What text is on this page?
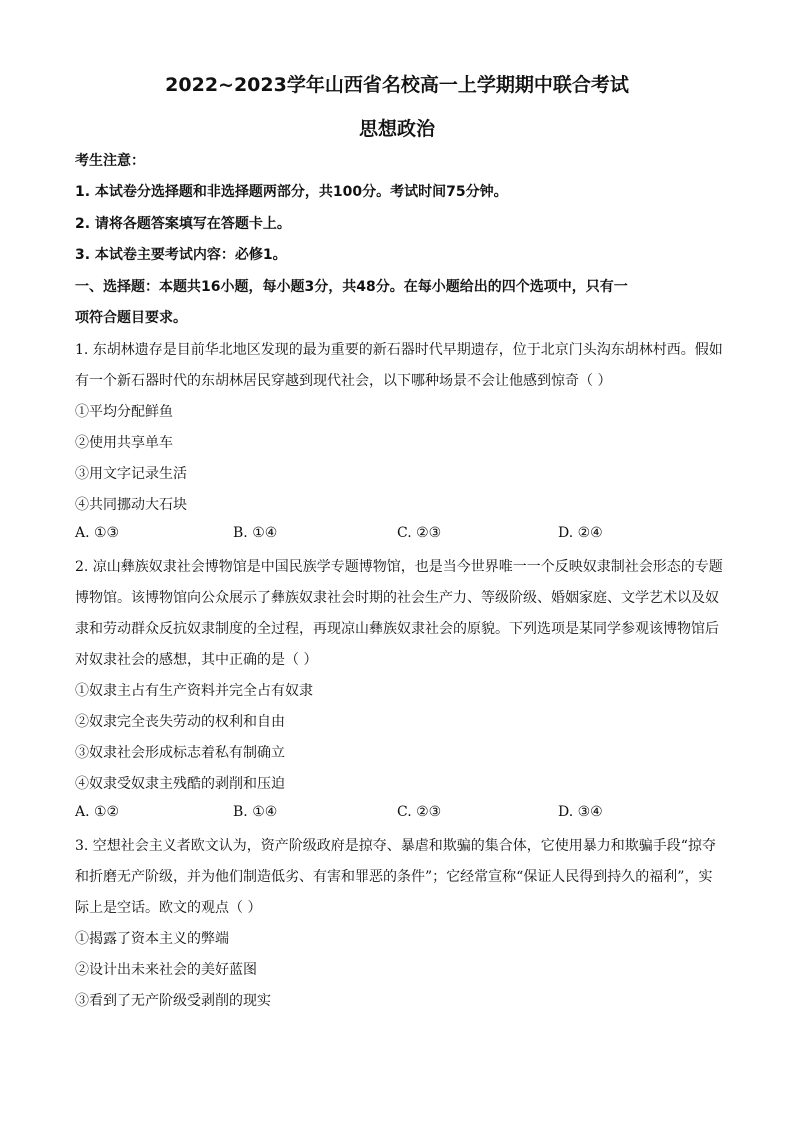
2022~2023学年山西省名校高一上学期期中联合考试
思想政治
考生注意：
1. 本试卷分选择题和非选择题两部分，共100分。考试时间75分钟。
2. 请将各题答案填写在答题卡上。
3. 本试卷主要考试内容：必修1。
一、选择题：本题共16小题，每小题3分，共48分。在每小题给出的四个选项中，只有一
项符合题目要求。
1. 东胡林遗存是目前华北地区发现的最为重要的新石器时代早期遗存，位于北京门头沟东胡林村西。假如
有一个新石器时代的东胡林居民穿越到现代社会，以下哪种场景不会让他感到惊奇（ ）
①平均分配鲜鱼
②使用共享单车
③用文字记录生活
④共同挪动大石块
A. ①③	B. ①④	C. ②③	D. ②④
2. 凉山彝族奴隶社会博物馆是中国民族学专题博物馆，也是当今世界唯一一个反映奴隶制社会形态的专题
博物馆。该博物馆向公众展示了彝族奴隶社会时期的社会生产力、等级阶级、婚姻家庭、文学艺术以及奴
隶和劳动群众反抗奴隶制度的全过程，再现凉山彝族奴隶社会的原貌。下列选项是某同学参观该博物馆后
对奴隶社会的感想，其中正确的是（ ）
①奴隶主占有生产资料并完全占有奴隶
②奴隶完全丧失劳动的权利和自由
③奴隶社会形成标志着私有制确立
④奴隶受奴隶主残酷的剥削和压迫
A. ①②	B. ①④	C. ②③	D. ③④
3. 空想社会主义者欧文认为，资产阶级政府是掠夺、暴虐和欺骗的集合体，它使用暴力和欺骗手段“掠夺
和折磨无产阶级，并为他们制造低劣、有害和罪恶的条件”；它经常宣称“保证人民得到持久的福利”，实
际上是空话。欧文的观点（ ）
①揭露了资本主义的弊端
②设计出未来社会的美好蓝图
③看到了无产阶级受剥削的现实
